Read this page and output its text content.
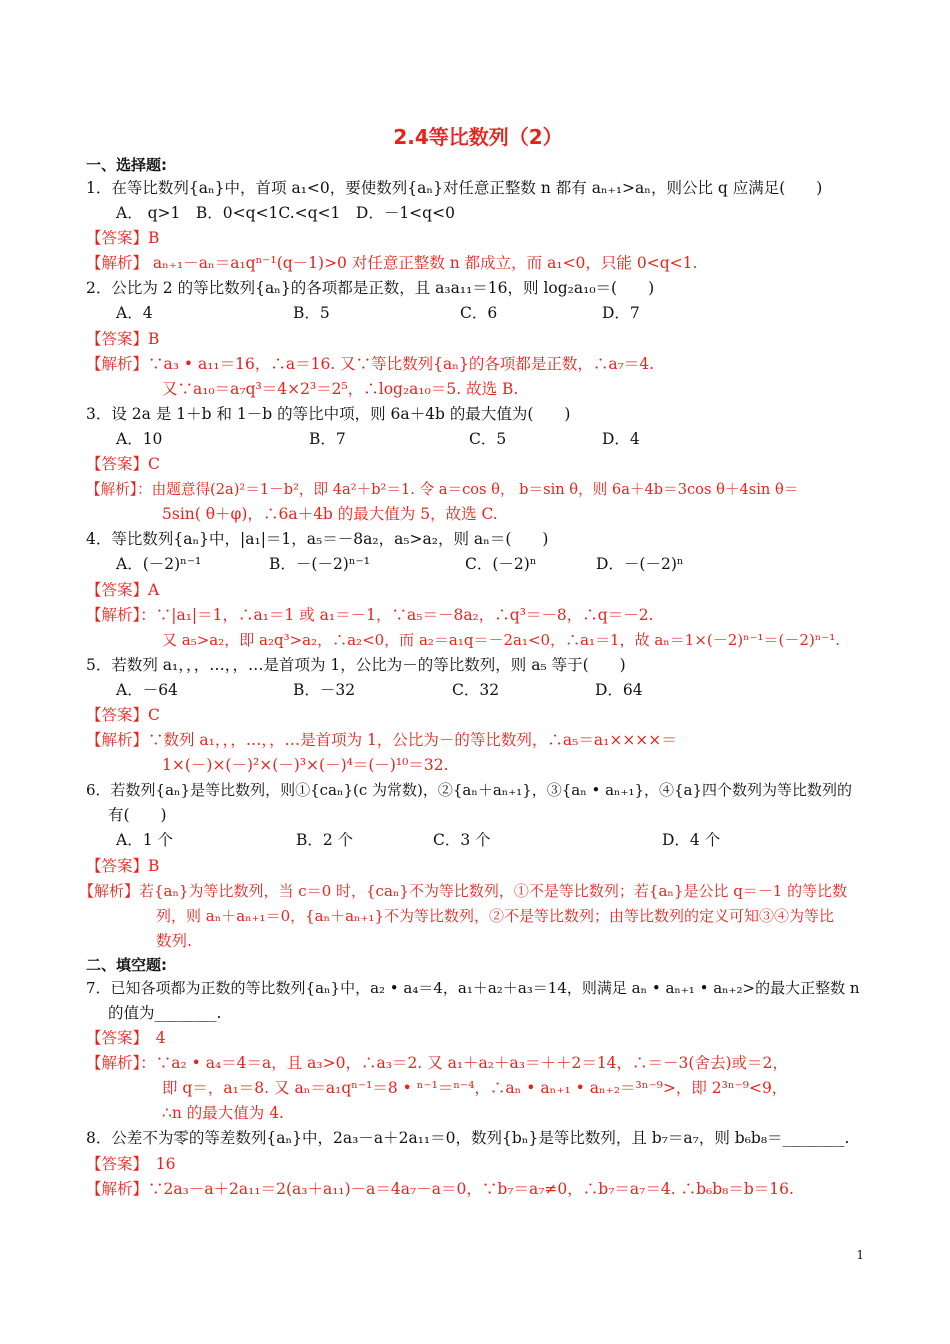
2.4等比数列（2）
一、选择题:
1．在等比数列{aₙ}中，首项 a₁<0，要使数列{aₙ}对任意正整数 n 都有 aₙ₊₁>aₙ，则公比 q 应满足(　　)
A． q>1　B．0<q<1C.<q<1　D．－1<q<0
【答案】B
【解析】 aₙ₊₁－aₙ＝a₁qⁿ⁻¹(q－1)>0 对任意正整数 n 都成立，而 a₁<0，只能 0<q<1.
2．公比为 2 的等比数列{aₙ}的各项都是正数，且 a₃a₁₁＝16，则 log₂a₁₀＝(　　)
A．4	B．5	C．6	D．7
【答案】B
【解析】∵a₃ • a₁₁＝16，∴a＝16. 又∵等比数列{aₙ}的各项都是正数，∴a₇＝4.
又∵a₁₀＝a₇q³＝4×2³＝2⁵，∴log₂a₁₀＝5. 故选 B.
3．设 2a 是 1＋b 和 1－b 的等比中项，则 6a＋4b 的最大值为(　　)
A．10	B．7	C．5	D．4
【答案】C
【解析】：由题意得(2a)²＝1－b²，即 4a²＋b²＝1. 令 a＝cos θ， b＝sin θ，则 6a＋4b＝3cos θ＋4sin θ＝
5sin( θ＋φ)，∴6a＋4b 的最大值为 5，故选 C.
4．等比数列{aₙ}中，|a₁|＝1，a₅＝－8a₂，a₅>a₂，则 aₙ＝(　　)
A．(－2)ⁿ⁻¹	B．－(－2)ⁿ⁻¹	C．(－2)ⁿ	D．－(－2)ⁿ
【答案】A
【解析】：∵|a₁|＝1，∴a₁＝1 或 a₁＝－1，∵a₅＝－8a₂，∴q³＝－8，∴q＝－2.
又 a₅>a₂，即 a₂q³>a₂，∴a₂<0，而 a₂＝a₁q＝－2a₁<0，∴a₁＝1，故 aₙ＝1×(－2)ⁿ⁻¹＝(－2)ⁿ⁻¹.
5．若数列 a₁，，，…，，…是首项为 1，公比为－的等比数列，则 a₅ 等于(　　)
A．－64	B．－32	C．32	D．64
【答案】C
【解析】∵数列 a₁，，，…，，…是首项为 1，公比为－的等比数列，∴a₅＝a₁××××＝
1×(－)×(－)²×(－)³×(－)⁴＝(－)¹⁰＝32.
6．若数列{aₙ}是等比数列，则①{caₙ}(c 为常数)，②{aₙ＋aₙ₊₁}，③{aₙ • aₙ₊₁}，④{a}四个数列为等比数列的
有(　　)
A．1 个	B．2 个	C．3 个	D．4 个
【答案】B
【解析】若{aₙ}为等比数列，当 c＝0 时，{caₙ}不为等比数列，①不是等比数列；若{aₙ}是公比 q＝－1 的等比数
列，则 aₙ＋aₙ₊₁＝0，{aₙ＋aₙ₊₁}不为等比数列，②不是等比数列；由等比数列的定义可知③④为等比
数列.
二、填空题:
7．已知各项都为正数的等比数列{aₙ}中，a₂ • a₄＝4，a₁＋a₂＋a₃＝14，则满足 aₙ • aₙ₊₁ • aₙ₊₂>的最大正整数 n
的值为________.
【答案】　4
【解析】：∵a₂ • a₄＝4＝a，且 a₃>0，∴a₃＝2. 又 a₁＋a₂＋a₃＝＋＋2＝14，∴＝－3(舍去)或＝2，
即 q＝，a₁＝8. 又 aₙ＝a₁qⁿ⁻¹＝8 • ⁿ⁻¹＝ⁿ⁻⁴，∴aₙ • aₙ₊₁ • aₙ₊₂＝³ⁿ⁻⁹>，即 2³ⁿ⁻⁹<9，
∴n 的最大值为 4.
8．公差不为零的等差数列{aₙ}中，2a₃－a＋2a₁₁＝0，数列{bₙ}是等比数列，且 b₇＝a₇，则 b₆b₈＝________.
【答案】　16
【解析】∵2a₃－a＋2a₁₁＝2(a₃＋a₁₁)－a＝4a₇－a＝0，∵b₇＝a₇≠0，∴b₇＝a₇＝4. ∴b₆b₈＝b＝16.
1
